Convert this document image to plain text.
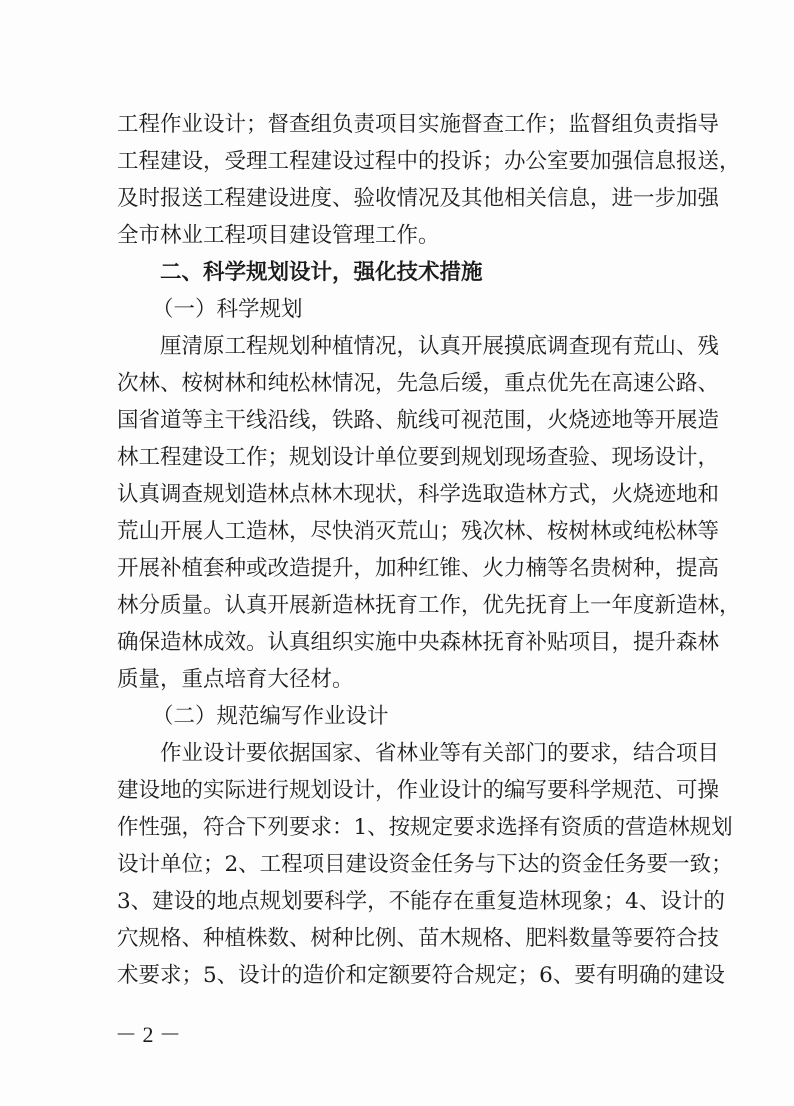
工程作业设计；督查组负责项目实施督查工作；监督组负责指导
工程建设，受理工程建设过程中的投诉；办公室要加强信息报送，
及时报送工程建设进度、验收情况及其他相关信息，进一步加强
全市林业工程项目建设管理工作。
二、科学规划设计，强化技术措施
（一）科学规划
厘清原工程规划种植情况，认真开展摸底调查现有荒山、残
次林、桉树林和纯松林情况，先急后缓，重点优先在高速公路、
国省道等主干线沿线，铁路、航线可视范围，火烧迹地等开展造
林工程建设工作；规划设计单位要到规划现场查验、现场设计，
认真调查规划造林点林木现状，科学选取造林方式，火烧迹地和
荒山开展人工造林，尽快消灭荒山；残次林、桉树林或纯松林等
开展补植套种或改造提升，加种红锥、火力楠等名贵树种，提高
林分质量。认真开展新造林抚育工作，优先抚育上一年度新造林，
确保造林成效。认真组织实施中央森林抚育补贴项目，提升森林
质量，重点培育大径材。
（二）规范编写作业设计
作业设计要依据国家、省林业等有关部门的要求，结合项目
建设地的实际进行规划设计，作业设计的编写要科学规范、可操
作性强，符合下列要求：1、按规定要求选择有资质的营造林规划
设计单位；2、工程项目建设资金任务与下达的资金任务要一致；
3、建设的地点规划要科学，不能存在重复造林现象；4、设计的
穴规格、种植株数、树种比例、苗木规格、肥料数量等要符合技
术要求；5、设计的造价和定额要符合规定；6、要有明确的建设
－ 2 －
